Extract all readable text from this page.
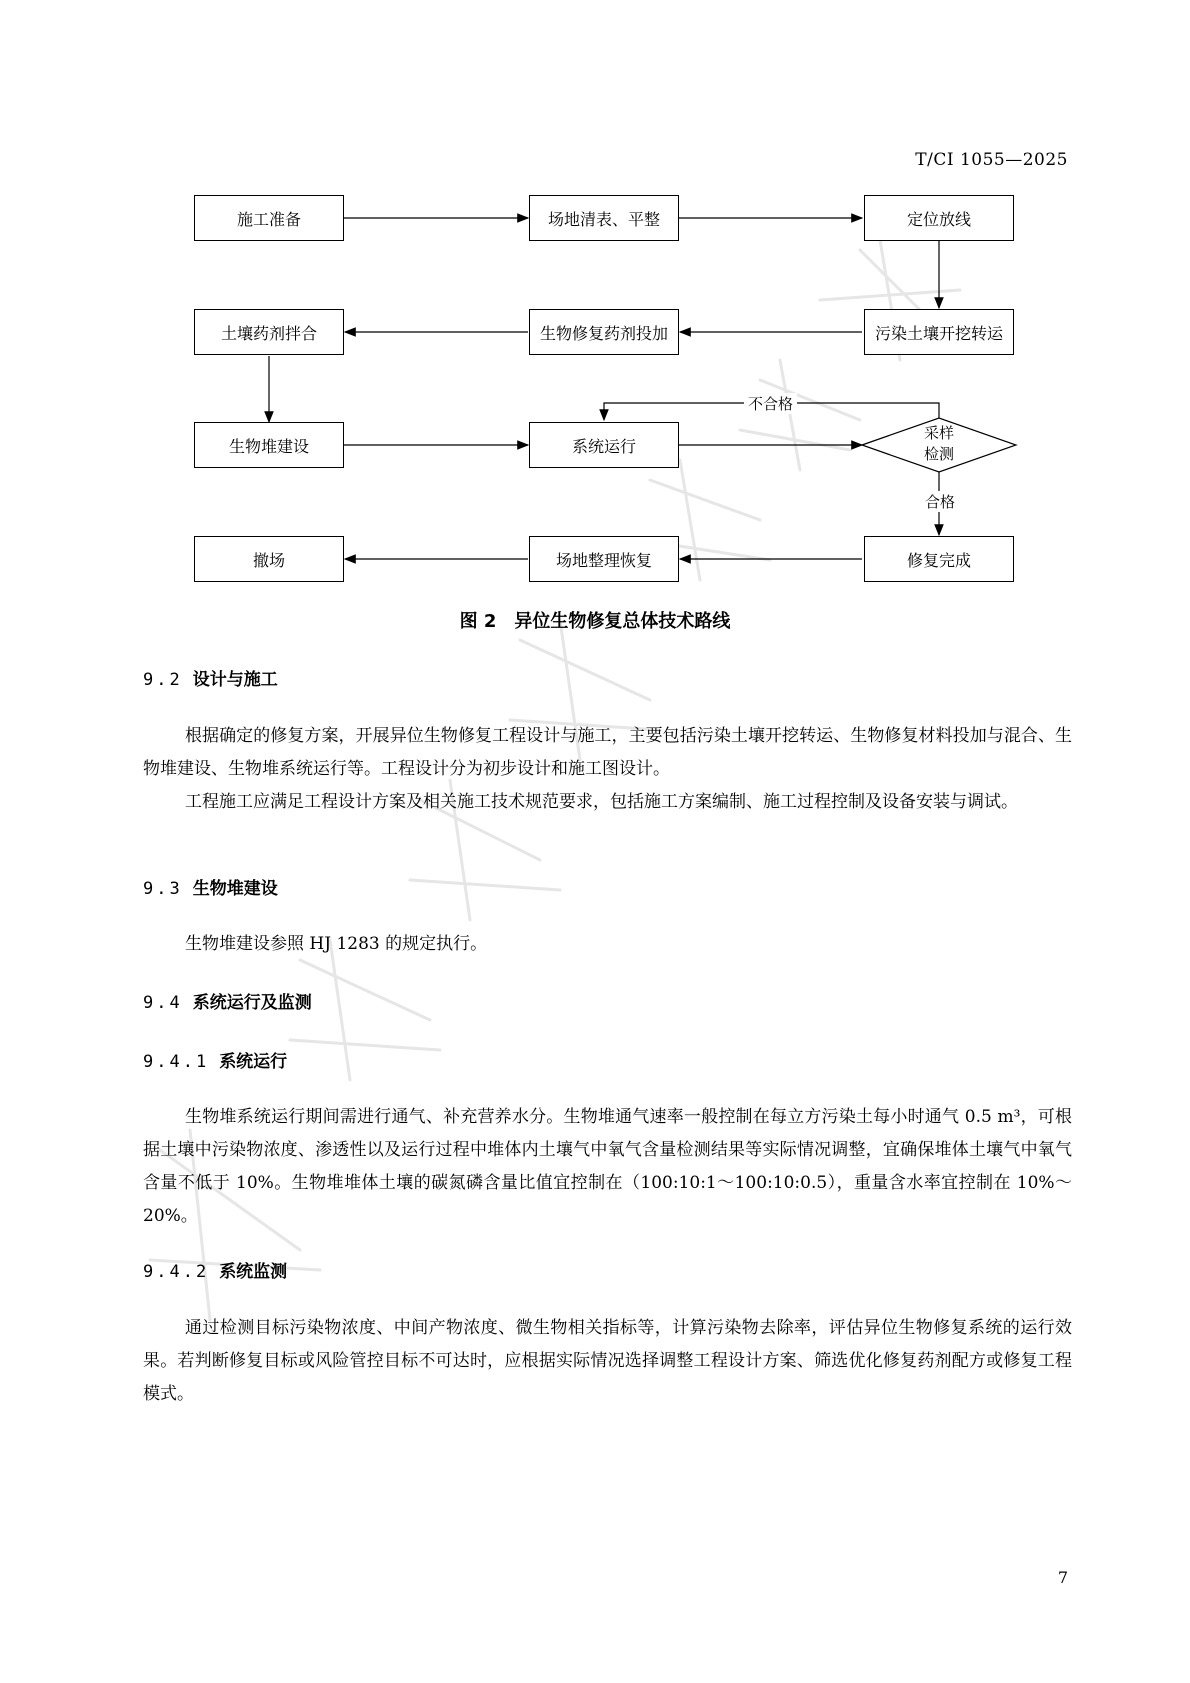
T/CI 1055—2025
施工准备	场地清表、平整	定位放线
土壤药剂拌合	生物修复药剂投加	污染土壤开挖转运
生物堆建设	系统运行
采样
检测
撤场	场地整理恢复	修复完成
不合格
合格
图 2　异位生物修复总体技术路线
9.2 设计与施工

根据确定的修复方案，开展异位生物修复工程设计与施工，主要包括污染土壤开挖转运、生物修复材料投加与混合、生物堆建设、生物堆系统运行等。工程设计分为初步设计和施工图设计。

工程施工应满足工程设计方案及相关施工技术规范要求，包括施工方案编制、施工过程控制及设备安装与调试。

9.3 生物堆建设

生物堆建设参照 HJ 1283 的规定执行。

9.4 系统运行及监测
9.4.1 系统运行

生物堆系统运行期间需进行通气、补充营养水分。生物堆通气速率一般控制在每立方污染土每小时通气 0.5 m³，可根据土壤中污染物浓度、渗透性以及运行过程中堆体内土壤气中氧气含量检测结果等实际情况调整，宜确保堆体土壤气中氧气含量不低于 10%。生物堆堆体土壤的碳氮磷含量比值宜控制在（100:10:1～100:10:0.5），重量含水率宜控制在 10%～20%。

9.4.2 系统监测

通过检测目标污染物浓度、中间产物浓度、微生物相关指标等，计算污染物去除率，评估异位生物修复系统的运行效果。若判断修复目标或风险管控目标不可达时，应根据实际情况选择调整工程设计方案、筛选优化修复药剂配方或修复工程模式。

7
